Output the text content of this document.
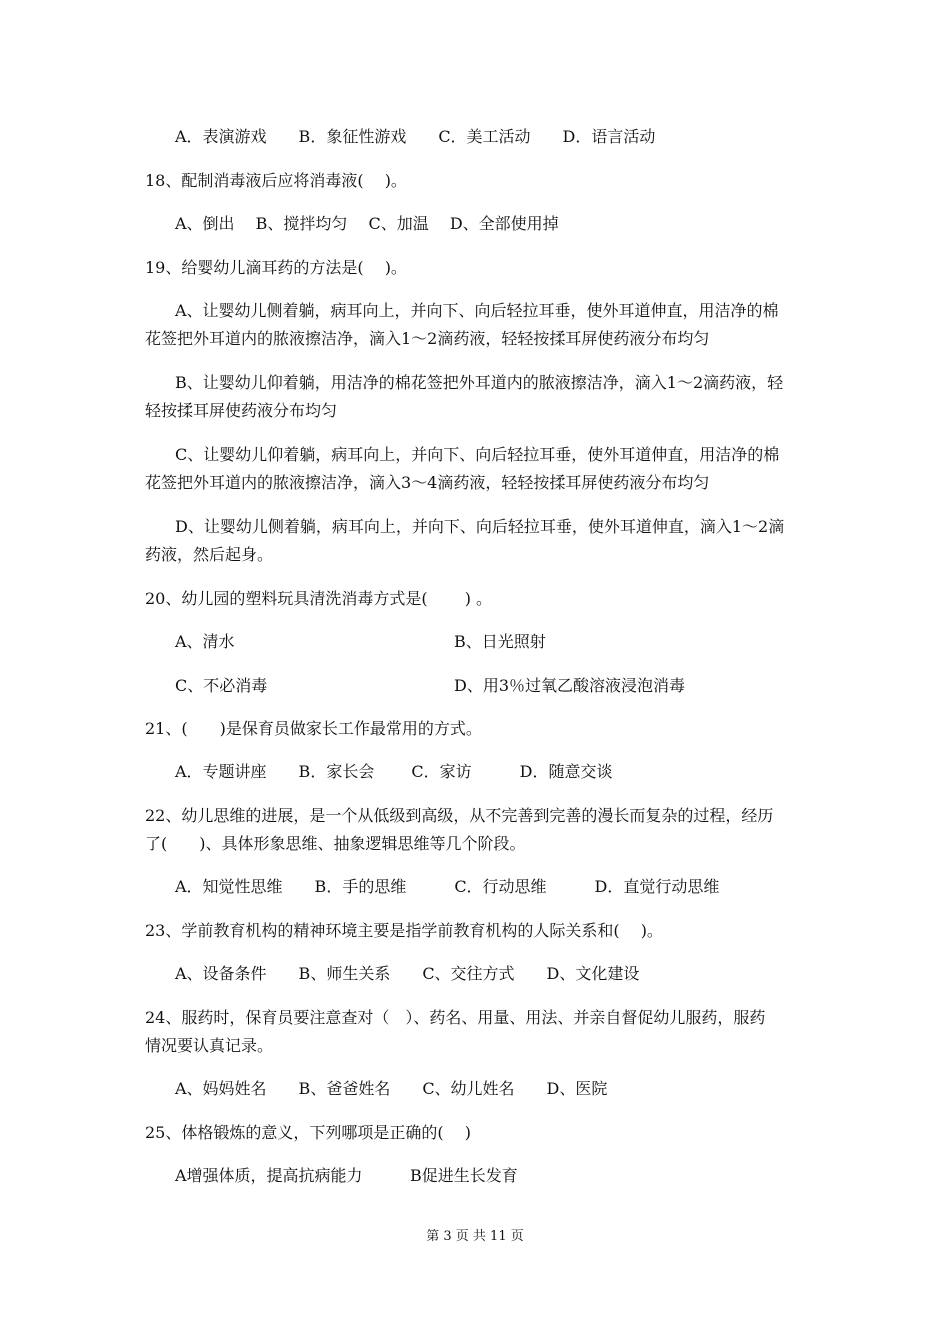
A．表演游戏　　B．象征性游戏　　C．美工活动　　D．语言活动
18、配制消毒液后应将消毒液(　 )。
A、倒出　 B、搅拌均匀　 C、加温　 D、全部使用掉
19、给婴幼儿滴耳药的方法是(　 )。
A、让婴幼儿侧着躺，病耳向上，并向下、向后轻拉耳垂，使外耳道伸直，用洁净的棉
花签把外耳道内的脓液擦洁净，滴入1～2滴药液，轻轻按揉耳屏使药液分布均匀
B、让婴幼儿仰着躺，用洁净的棉花签把外耳道内的脓液擦洁净，滴入1～2滴药液，轻
轻按揉耳屏使药液分布均匀
C、让婴幼儿仰着躺，病耳向上，并向下、向后轻拉耳垂，使外耳道伸直，用洁净的棉
花签把外耳道内的脓液擦洁净，滴入3～4滴药液，轻轻按揉耳屏使药液分布均匀
D、让婴幼儿侧着躺，病耳向上，并向下、向后轻拉耳垂，使外耳道伸直，滴入1～2滴
药液，然后起身。
20、幼儿园的塑料玩具清洗消毒方式是(　　 ) 。
A、清水	B、日光照射
C、不必消毒	D、用3％过氧乙酸溶液浸泡消毒
21、(　　)是保育员做家长工作最常用的方式。
A．专题讲座　　B．家长会　　 C．家访　　　D．随意交谈
22、幼儿思维的进展，是一个从低级到高级，从不完善到完善的漫长而复杂的过程，经历
了(　　)、具体形象思维、抽象逻辑思维等几个阶段。
A．知觉性思维　　B．手的思维　　　C．行动思维　　　D．直觉行动思维
23、学前教育机构的精神环境主要是指学前教育机构的人际关系和(　 )。
A、设备条件　　B、师生关系　　C、交往方式　　D、文化建设
24、服药时，保育员要注意查对（　）、药名、用量、用法、并亲自督促幼儿服药，服药
情况要认真记录。
A、妈妈姓名　　B、爸爸姓名　　C、幼儿姓名　　D、医院
25、体格锻炼的意义，下列哪项是正确的(　 )
A增强体质，提高抗病能力	B促进生长发育
第 3 页 共 11 页
